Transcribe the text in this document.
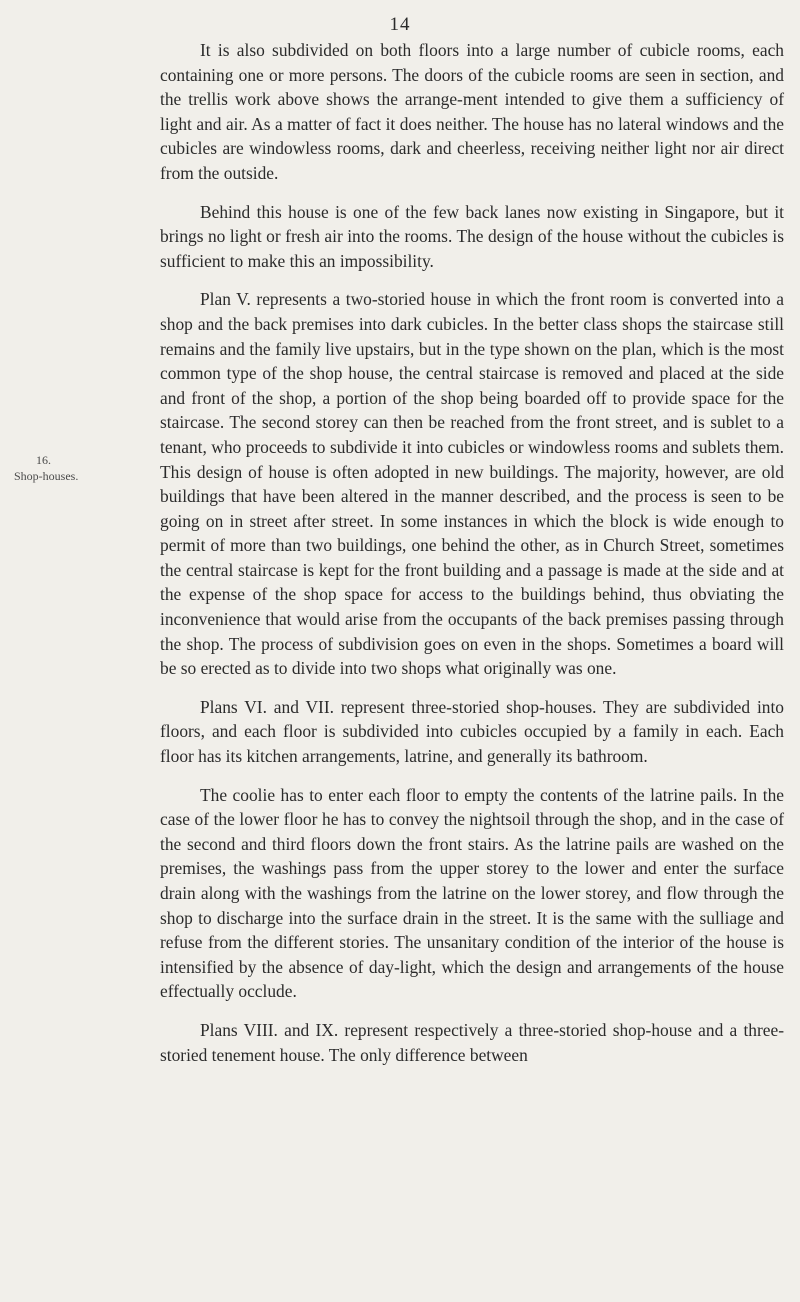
14
16.
Shop-houses.

It is also subdivided on both floors into a large number of cubicle rooms, each containing one or more persons. The doors of the cubicle rooms are seen in section, and the trellis work above shows the arrange-ment intended to give them a sufficiency of light and air. As a matter of fact it does neither. The house has no lateral windows and the cubicles are windowless rooms, dark and cheerless, receiving neither light nor air direct from the outside.

Behind this house is one of the few back lanes now existing in Singapore, but it brings no light or fresh air into the rooms. The design of the house without the cubicles is sufficient to make this an impossibility.

Plan V. represents a two-storied house in which the front room is converted into a shop and the back premises into dark cubicles. In the better class shops the staircase still remains and the family live upstairs, but in the type shown on the plan, which is the most common type of the shop house, the central staircase is removed and placed at the side and front of the shop, a portion of the shop being boarded off to provide space for the staircase. The second storey can then be reached from the front street, and is sublet to a tenant, who proceeds to subdivide it into cubicles or windowless rooms and sublets them. This design of house is often adopted in new buildings. The majority, however, are old buildings that have been altered in the manner described, and the process is seen to be going on in street after street. In some instances in which the block is wide enough to permit of more than two buildings, one behind the other, as in Church Street, sometimes the central staircase is kept for the front building and a passage is made at the side and at the expense of the shop space for access to the buildings behind, thus obviating the inconvenience that would arise from the occupants of the back premises passing through the shop. The process of subdivision goes on even in the shops. Sometimes a board will be so erected as to divide into two shops what originally was one.

Plans VI. and VII. represent three-storied shop-houses. They are subdivided into floors, and each floor is subdivided into cubicles occupied by a family in each. Each floor has its kitchen arrangements, latrine, and generally its bathroom.

The coolie has to enter each floor to empty the contents of the latrine pails. In the case of the lower floor he has to convey the nightsoil through the shop, and in the case of the second and third floors down the front stairs. As the latrine pails are washed on the premises, the washings pass from the upper storey to the lower and enter the surface drain along with the washings from the latrine on the lower storey, and flow through the shop to discharge into the surface drain in the street. It is the same with the sulliage and refuse from the different stories. The unsanitary condition of the interior of the house is intensified by the absence of day-light, which the design and arrangements of the house effectually occlude.

Plans VIII. and IX. represent respectively a three-storied shop-house and a three-storied tenement house. The only difference between
